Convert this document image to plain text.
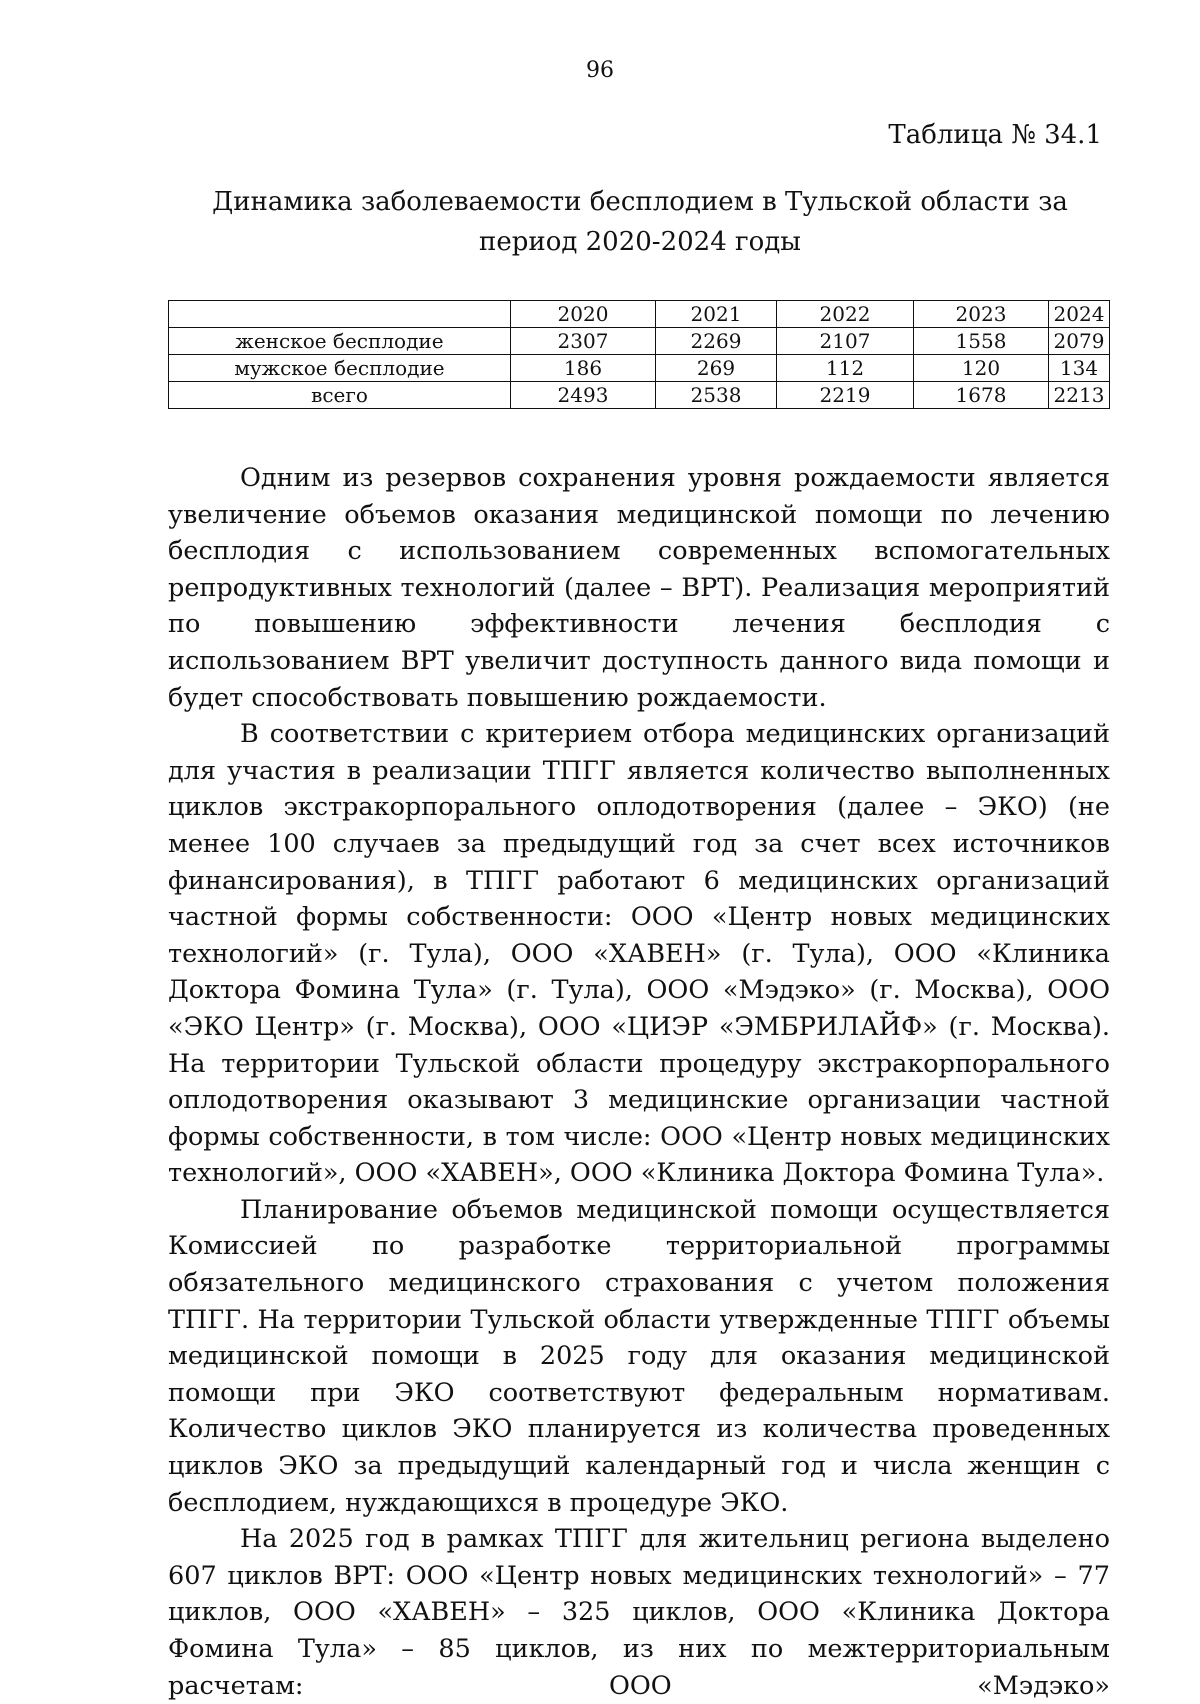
96
Таблица № 34.1
Динамика заболеваемости бесплодием в Тульской области за период 2020-2024 годы
	2020	2021	2022	2023	2024
женское бесплодие	2307	2269	2107	1558	2079
мужское бесплодие	186	269	112	120	134
всего	2493	2538	2219	1678	2213

Одним из резервов сохранения уровня рождаемости является увеличение объемов оказания медицинской помощи по лечению бесплодия с использованием современных вспомогательных репродуктивных технологий (далее – ВРТ). Реализация мероприятий по повышению эффективности лечения бесплодия с использованием ВРТ увеличит доступность данного вида помощи и будет способствовать повышению рождаемости.

В соответствии с критерием отбора медицинских организаций для участия в реализации ТПГГ является количество выполненных циклов экстракорпорального оплодотворения (далее – ЭКО) (не менее 100 случаев за предыдущий год за счет всех источников финансирования), в ТПГГ работают 6 медицинских организаций частной формы собственности: ООО «Центр новых медицинских технологий» (г. Тула), ООО «ХАВЕН» (г. Тула), ООО «Клиника Доктора Фомина Тула» (г. Тула), ООО «Мэдэко» (г. Москва), ООО «ЭКО Центр» (г. Москва), ООО «ЦИЭР «ЭМБРИЛАЙФ» (г. Москва). На территории Тульской области процедуру экстракорпорального оплодотворения оказывают 3 медицинские организации частной формы собственности, в том числе: ООО «Центр новых медицинских технологий», ООО «ХАВЕН», ООО «Клиника Доктора Фомина Тула».

Планирование объемов медицинской помощи осуществляется Комиссией по разработке территориальной программы обязательного медицинского страхования с учетом положения ТПГГ. На территории Тульской области утвержденные ТПГГ объемы медицинской помощи в 2025 году для оказания медицинской помощи при ЭКО соответствуют федеральным нормативам. Количество циклов ЭКО планируется из количества проведенных циклов ЭКО за предыдущий календарный год и числа женщин с бесплодием, нуждающихся в процедуре ЭКО.

На 2025 год в рамках ТПГГ для жительниц региона выделено 607 циклов ВРТ: ООО «Центр новых медицинских технологий» – 77 циклов, ООО «ХАВЕН» – 325 циклов, ООО «Клиника Доктора Фомина Тула» – 85 циклов, из них по межтерриториальным расчетам: ООО «Мэдэко»
